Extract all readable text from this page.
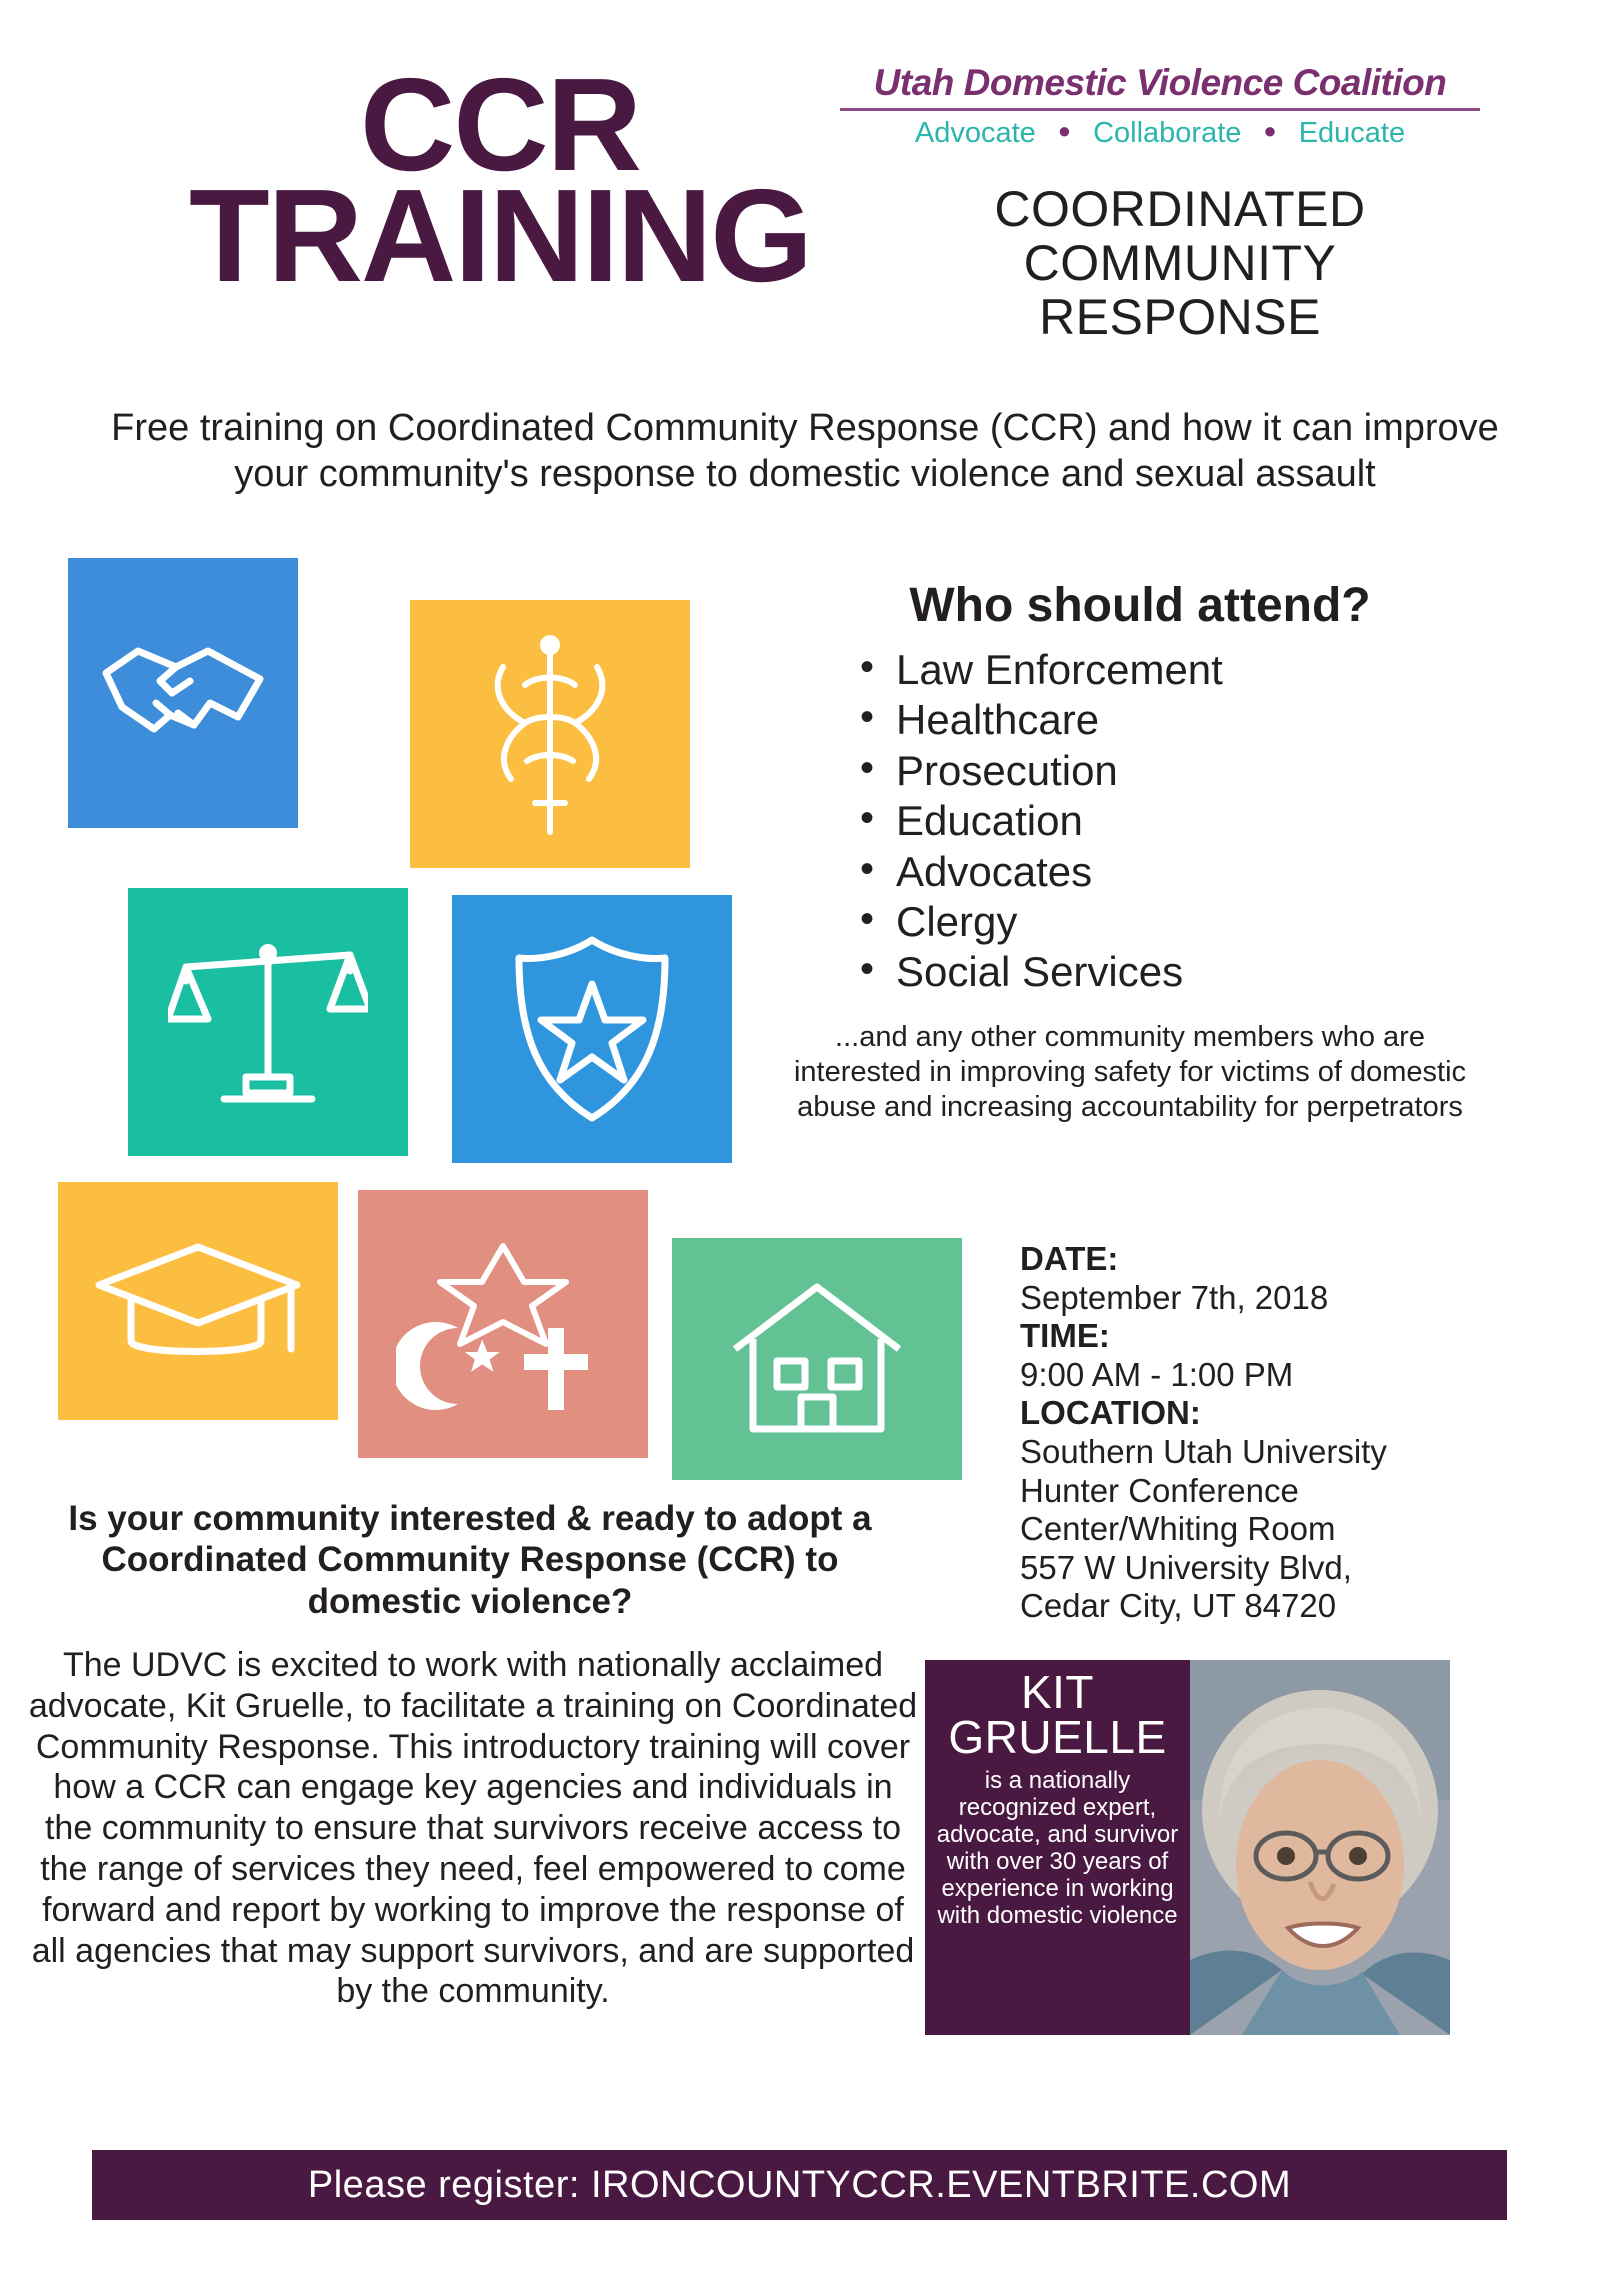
Utah Domestic Violence Coalition
Advocate ● Collaborate ● Educate
CCR
TRAINING	COORDINATED COMMUNITY RESPONSE
Free training on Coordinated Community Response (CCR) and how it can improve your community's response to domestic violence and sexual assault
Who should attend?
• Law Enforcement
• Healthcare
• Prosecution
• Education
• Advocates
• Clergy
• Social Services
...and any other community members who are interested in improving safety for victims of domestic abuse and increasing accountability for perpetrators
DATE:
September 7th, 2018
TIME:
9:00 AM - 1:00 PM
LOCATION:
Southern Utah University
Hunter Conference
Center/Whiting Room
557 W University Blvd,
Cedar City, UT 84720
Is your community interested & ready to adopt a Coordinated Community Response (CCR) to domestic violence?
The UDVC is excited to work with nationally acclaimed advocate, Kit Gruelle, to facilitate a training on Coordinated Community Response. This introductory training will cover how a CCR can engage key agencies and individuals in the community to ensure that survivors receive access to the range of services they need, feel empowered to come forward and report by working to improve the response of all agencies that may support survivors, and are supported by the community.
KIT
GRUELLE
is a nationally recognized expert, advocate, and survivor with over 30 years of experience in working with domestic violence
Please register: IRONCOUNTYCCR.EVENTBRITE.COM
